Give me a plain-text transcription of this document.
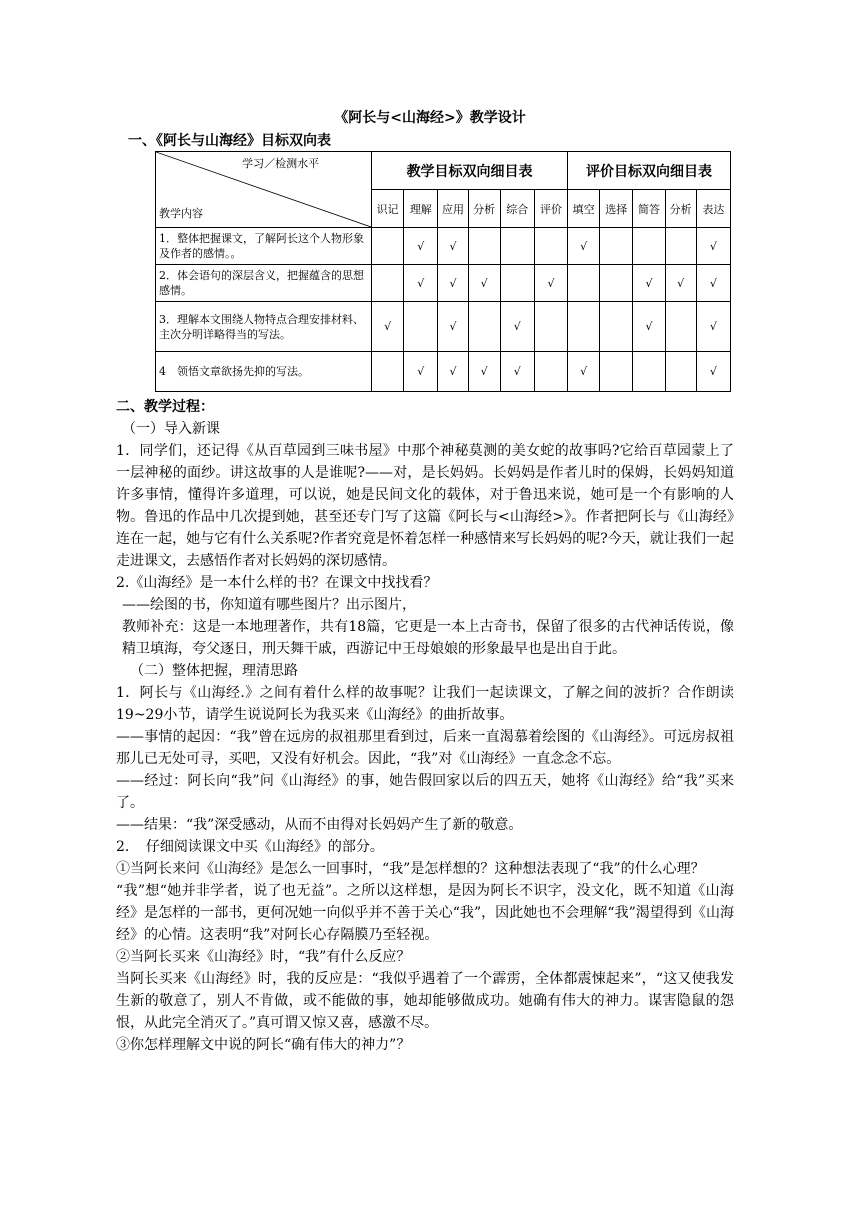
《阿长与<山海经>》教学设计
一、《阿长与山海经》目标双向表
学习／检测水平
教学内容	教学目标双向细目表						评价目标双向细目表				
	识记	理解	应用	分析	综合	评价	填空	选择	简答	分析	表达
1．整体把握课文，了解阿长这个人物形象及作者的感情。。		√	√				√				√
2．体会语句的深层含义，把握蕴含的思想感情。		√	√	√		√			√	√	√
3．理解本文围绕人物特点合理安排材料、主次分明详略得当的写法。	√		√		√				√		√
4　领悟文章欲扬先抑的写法。		√	√	√	√		√				√

二、教学过程：

（一）导入新课

1．同学们，还记得《从百草园到三味书屋》中那个神秘莫测的美女蛇的故事吗?它给百草园蒙上了一层神秘的面纱。讲这故事的人是谁呢?——对，是长妈妈。长妈妈是作者儿时的保姆，长妈妈知道许多事情，懂得许多道理，可以说，她是民间文化的载体，对于鲁迅来说，她可是一个有影响的人物。鲁迅的作品中几次提到她，甚至还专门写了这篇《阿长与<山海经>》。作者把阿长与《山海经》连在一起，她与它有什么关系呢?作者究竟是怀着怎样一种感情来写长妈妈的呢?今天，就让我们一起走进课文，去感悟作者对长妈妈的深切感情。

2.《山海经》是一本什么样的书？在课文中找找看？

——绘图的书，你知道有哪些图片？出示图片，

教师补充：这是一本地理著作，共有18篇，它更是一本上古奇书，保留了很多的古代神话传说，像精卫填海，夸父逐日，刑天舞干戚，西游记中王母娘娘的形象最早也是出自于此。

（二）整体把握，理清思路

1．阿长与《山海经.》之间有着什么样的故事呢？让我们一起读课文，了解之间的波折？合作朗读19~29小节，请学生说说阿长为我买来《山海经》的曲折故事。

——事情的起因：“我”曾在远房的叔祖那里看到过，后来一直渴慕着绘图的《山海经》。可远房叔祖那儿已无处可寻，买吧，又没有好机会。因此，“我”对《山海经》一直念念不忘。

——经过：阿长向“我”问《山海经》的事，她告假回家以后的四五天，她将《山海经》给“我”买来了。

——结果：“我”深受感动，从而不由得对长妈妈产生了新的敬意。

2．　仔细阅读课文中买《山海经》的部分。

①当阿长来问《山海经》是怎么一回事时，“我”是怎样想的？这种想法表现了“我”的什么心理？

“我”想“她并非学者，说了也无益”。之所以这样想，是因为阿长不识字，没文化，既不知道《山海经》是怎样的一部书，更何况她一向似乎并不善于关心“我”，因此她也不会理解“我”渴望得到《山海经》的心情。这表明“我”对阿长心存隔膜乃至轻视。

②当阿长买来《山海经》时，“我”有什么反应？

当阿长买来《山海经》时，我的反应是：“我似乎遇着了一个霹雳，全体都震悚起来”，“这又使我发生新的敬意了，别人不肯做，或不能做的事，她却能够做成功。她确有伟大的神力。谋害隐鼠的怨恨，从此完全消灭了。”真可谓又惊又喜，感激不尽。

③你怎样理解文中说的阿长“确有伟大的神力”？
